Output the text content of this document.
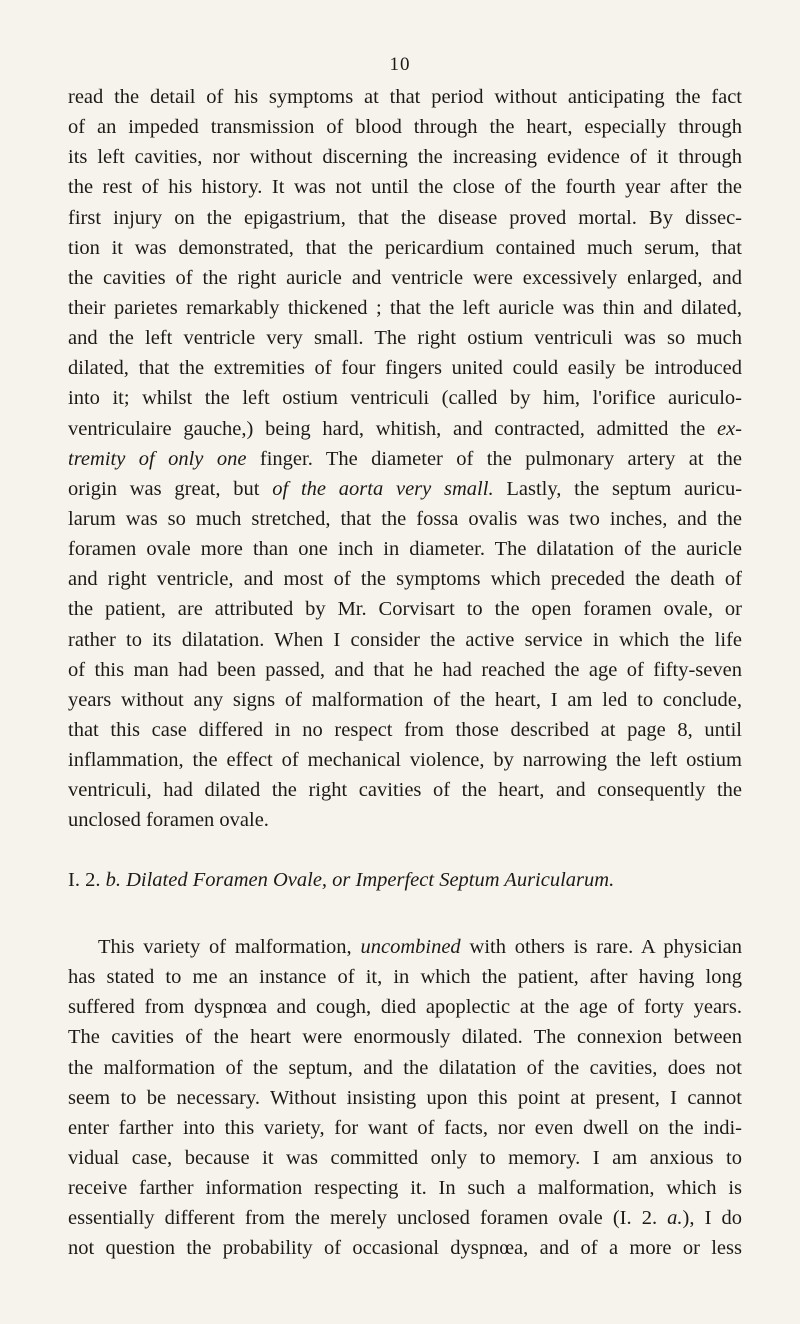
10
read the detail of his symptoms at that period without anticipating the fact
of an impeded transmission of blood through the heart, especially through
its left cavities, nor without discerning the increasing evidence of it through
the rest of his history. It was not until the close of the fourth year after the
first injury on the epigastrium, that the disease proved mortal. By dissec-
tion it was demonstrated, that the pericardium contained much serum, that
the cavities of the right auricle and ventricle were excessively enlarged, and
their parietes remarkably thickened ; that the left auricle was thin and dilated,
and the left ventricle very small. The right ostium ventriculi was so much
dilated, that the extremities of four fingers united could easily be introduced
into it; whilst the left ostium ventriculi (called by him, l'orifice auriculo-
ventriculaire gauche,) being hard, whitish, and contracted, admitted the ex-
tremity of only one finger. The diameter of the pulmonary artery at the
origin was great, but of the aorta very small. Lastly, the septum auricu-
larum was so much stretched, that the fossa ovalis was two inches, and the
foramen ovale more than one inch in diameter. The dilatation of the auricle
and right ventricle, and most of the symptoms which preceded the death of
the patient, are attributed by Mr. Corvisart to the open foramen ovale, or
rather to its dilatation. When I consider the active service in which the life
of this man had been passed, and that he had reached the age of fifty-seven
years without any signs of malformation of the heart, I am led to conclude,
that this case differed in no respect from those described at page 8, until
inflammation, the effect of mechanical violence, by narrowing the left ostium
ventriculi, had dilated the right cavities of the heart, and consequently the
unclosed foramen ovale.
I. 2. b. Dilated Foramen Ovale, or Imperfect Septum Auricularum.
This variety of malformation, uncombined with others is rare. A physician
has stated to me an instance of it, in which the patient, after having long
suffered from dyspnœa and cough, died apoplectic at the age of forty years.
The cavities of the heart were enormously dilated. The connexion between
the malformation of the septum, and the dilatation of the cavities, does not
seem to be necessary. Without insisting upon this point at present, I cannot
enter farther into this variety, for want of facts, nor even dwell on the indi-
vidual case, because it was committed only to memory. I am anxious to
receive farther information respecting it. In such a malformation, which is
essentially different from the merely unclosed foramen ovale (I. 2. a.), I do
not question the probability of occasional dyspnœa, and of a more or less
